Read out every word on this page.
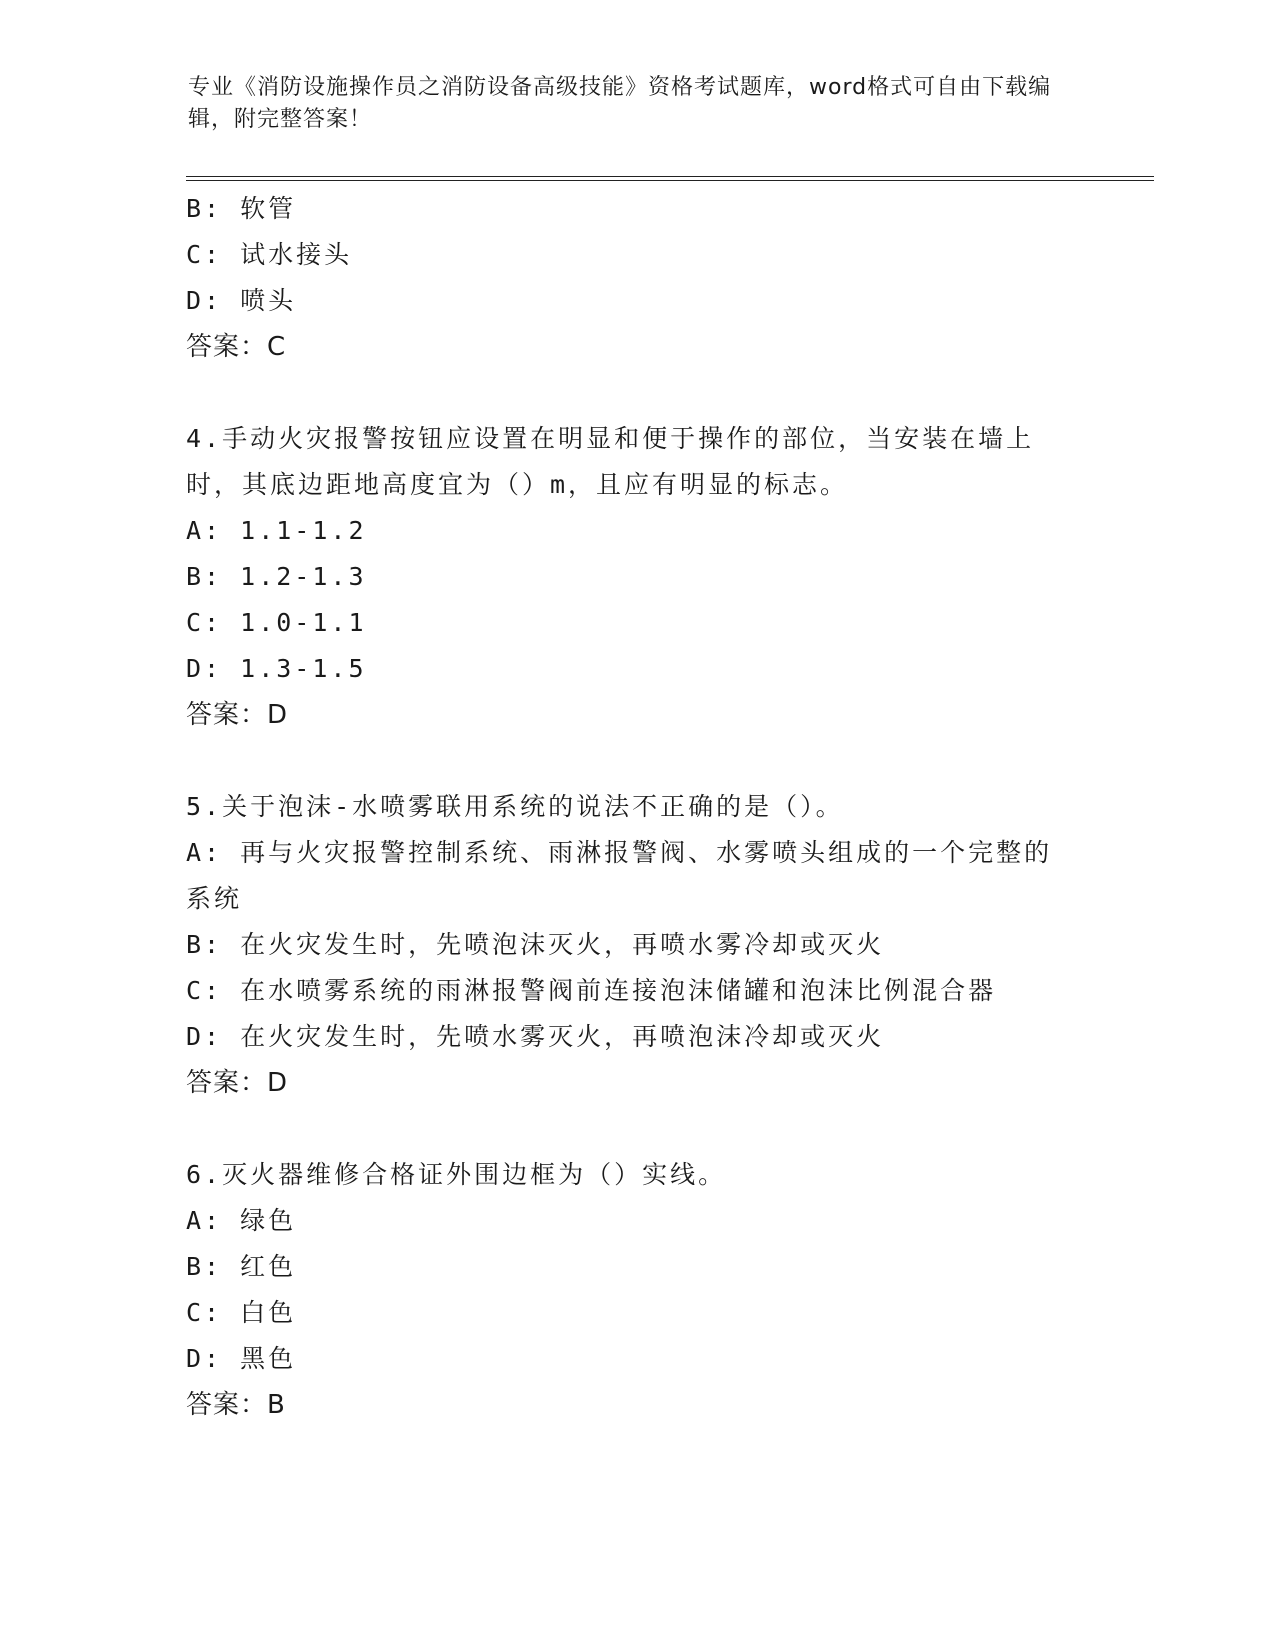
专业《消防设施操作员之消防设备高级技能》资格考试题库，word格式可自由下载编辑，附完整答案！

B: 软管

C: 试水接头

D: 喷头

答案：C

4.手动火灾报警按钮应设置在明显和便于操作的部位，当安装在墙上

时，其底边距地高度宜为（）m，且应有明显的标志。

A: 1.1-1.2

B: 1.2-1.3

C: 1.0-1.1

D: 1.3-1.5

答案：D

5.关于泡沫-水喷雾联用系统的说法不正确的是（）。

A: 再与火灾报警控制系统、雨淋报警阀、水雾喷头组成的一个完整的

系统

B: 在火灾发生时，先喷泡沫灭火，再喷水雾冷却或灭火

C: 在水喷雾系统的雨淋报警阀前连接泡沫储罐和泡沫比例混合器

D: 在火灾发生时，先喷水雾灭火，再喷泡沫冷却或灭火

答案：D

6.灭火器维修合格证外围边框为（）实线。

A: 绿色

B: 红色

C: 白色

D: 黑色

答案：B
